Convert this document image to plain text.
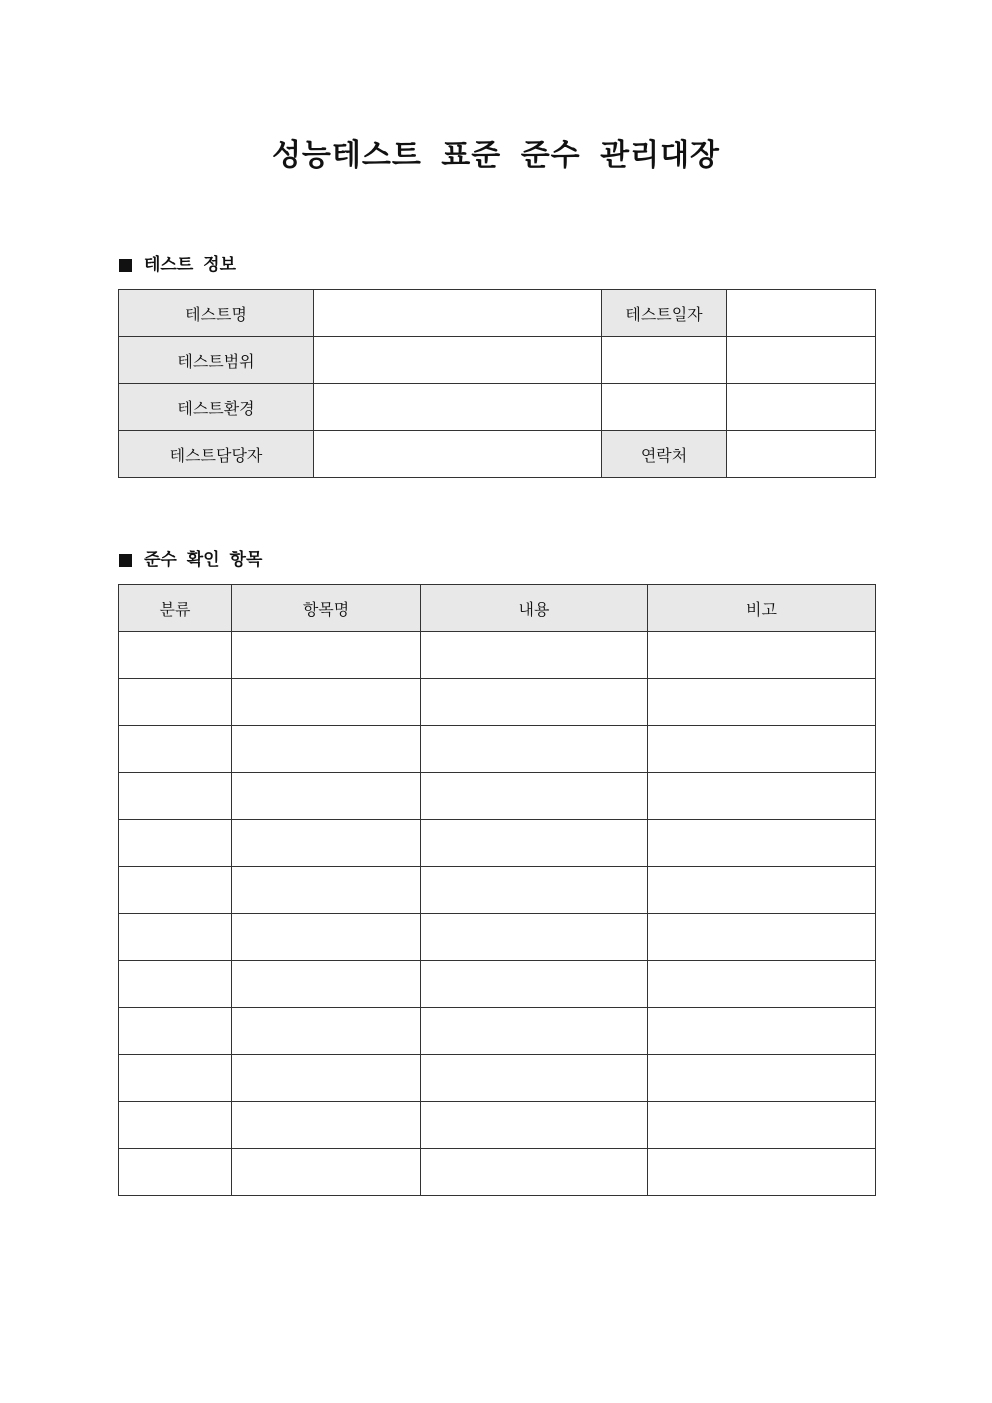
성능테스트 표준 준수 관리대장
테스트 정보
테스트명		테스트일자	
테스트범위			
테스트환경			
테스트담당자		연락처	
준수 확인 항목
분류	항목명	내용	비고
